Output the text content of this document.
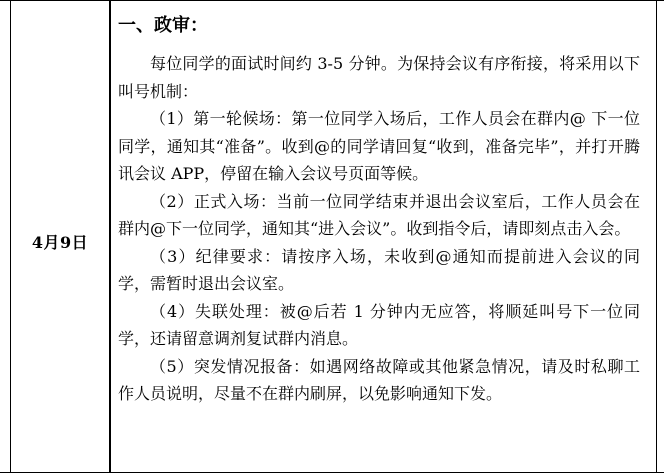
4月9日
一、政审：

每位同学的面试时间约 3-5 分钟。为保持会议有序衔接，将采用以下叫号机制：

（1）第一轮候场：第一位同学入场后，工作人员会在群内@ 下一位同学，通知其“准备”。收到@的同学请回复“收到，准备完毕”，并打开腾讯会议 APP，停留在输入会议号页面等候。

（2）正式入场：当前一位同学结束并退出会议室后，工作人员会在群内@下一位同学，通知其“进入会议”。收到指令后，请即刻点击入会。

（3）纪律要求：请按序入场，未收到@通知而提前进入会议的同学，需暂时退出会议室。

（4）失联处理：被@后若 1 分钟内无应答，将顺延叫号下一位同学，还请留意调剂复试群内消息。

（5）突发情况报备：如遇网络故障或其他紧急情况，请及时私聊工作人员说明，尽量不在群内刷屏，以免影响通知下发。
